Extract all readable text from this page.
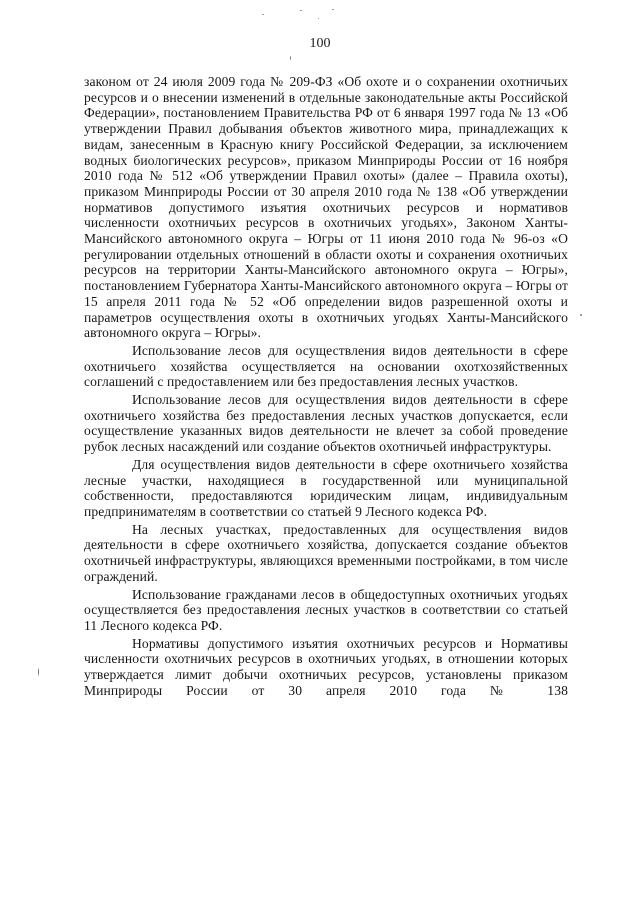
100

законом от 24 июля 2009 года № 209-ФЗ «Об охоте и о сохранении охотничьих ресурсов и о внесении изменений в отдельные законодательные акты Российской Федерации», постановлением Правительства РФ от 6 января 1997 года № 13 «Об утверждении Правил добывания объектов животного мира, принадлежащих к видам, занесенным в Красную книгу Российской Федерации, за исключением водных биологических ресурсов», приказом Минприроды России от 16 ноября 2010 года № 512 «Об утверждении Правил охоты» (далее – Правила охоты), приказом Минприроды России от 30 апреля 2010 года № 138 «Об утверждении нормативов допустимого изъятия охотничьих ресурсов и нормативов численности охотничьих ресурсов в охотничьих угодьях», Законом Ханты-Мансийского автономного округа – Югры от 11 июня 2010 года № 96-оз «О регулировании отдельных отношений в области охоты и сохранения охотничьих ресурсов на территории Ханты-Мансийского автономного округа – Югры», постановлением Губернатора Ханты-Мансийского автономного округа – Югры от 15 апреля 2011 года № 52 «Об определении видов разрешенной охоты и параметров осуществления охоты в охотничьих угодьях Ханты-Мансийского автономного округа – Югры».

Использование лесов для осуществления видов деятельности в сфере охотничьего хозяйства осуществляется на основании охотхозяйственных соглашений с предоставлением или без предоставления лесных участков.

Использование лесов для осуществления видов деятельности в сфере охотничьего хозяйства без предоставления лесных участков допускается, если осуществление указанных видов деятельности не влечет за собой проведение рубок лесных насаждений или создание объектов охотничьей инфраструктуры.

Для осуществления видов деятельности в сфере охотничьего хозяйства лесные участки, находящиеся в государственной или муниципальной собственности, предоставляются юридическим лицам, индивидуальным предпринимателям в соответствии со статьей 9 Лесного кодекса РФ.

На лесных участках, предоставленных для осуществления видов деятельности в сфере охотничьего хозяйства, допускается создание объектов охотничьей инфраструктуры, являющихся временными постройками, в том числе ограждений.

Использование гражданами лесов в общедоступных охотничьих угодьях осуществляется без предоставления лесных участков в соответствии со статьей 11 Лесного кодекса РФ.

Нормативы допустимого изъятия охотничьих ресурсов и Нормативы численности охотничьих ресурсов в охотничьих угодьях, в отношении которых утверждается лимит добычи охотничьих ресурсов, установлены приказом Минприроды России от 30 апреля 2010 года № 138
